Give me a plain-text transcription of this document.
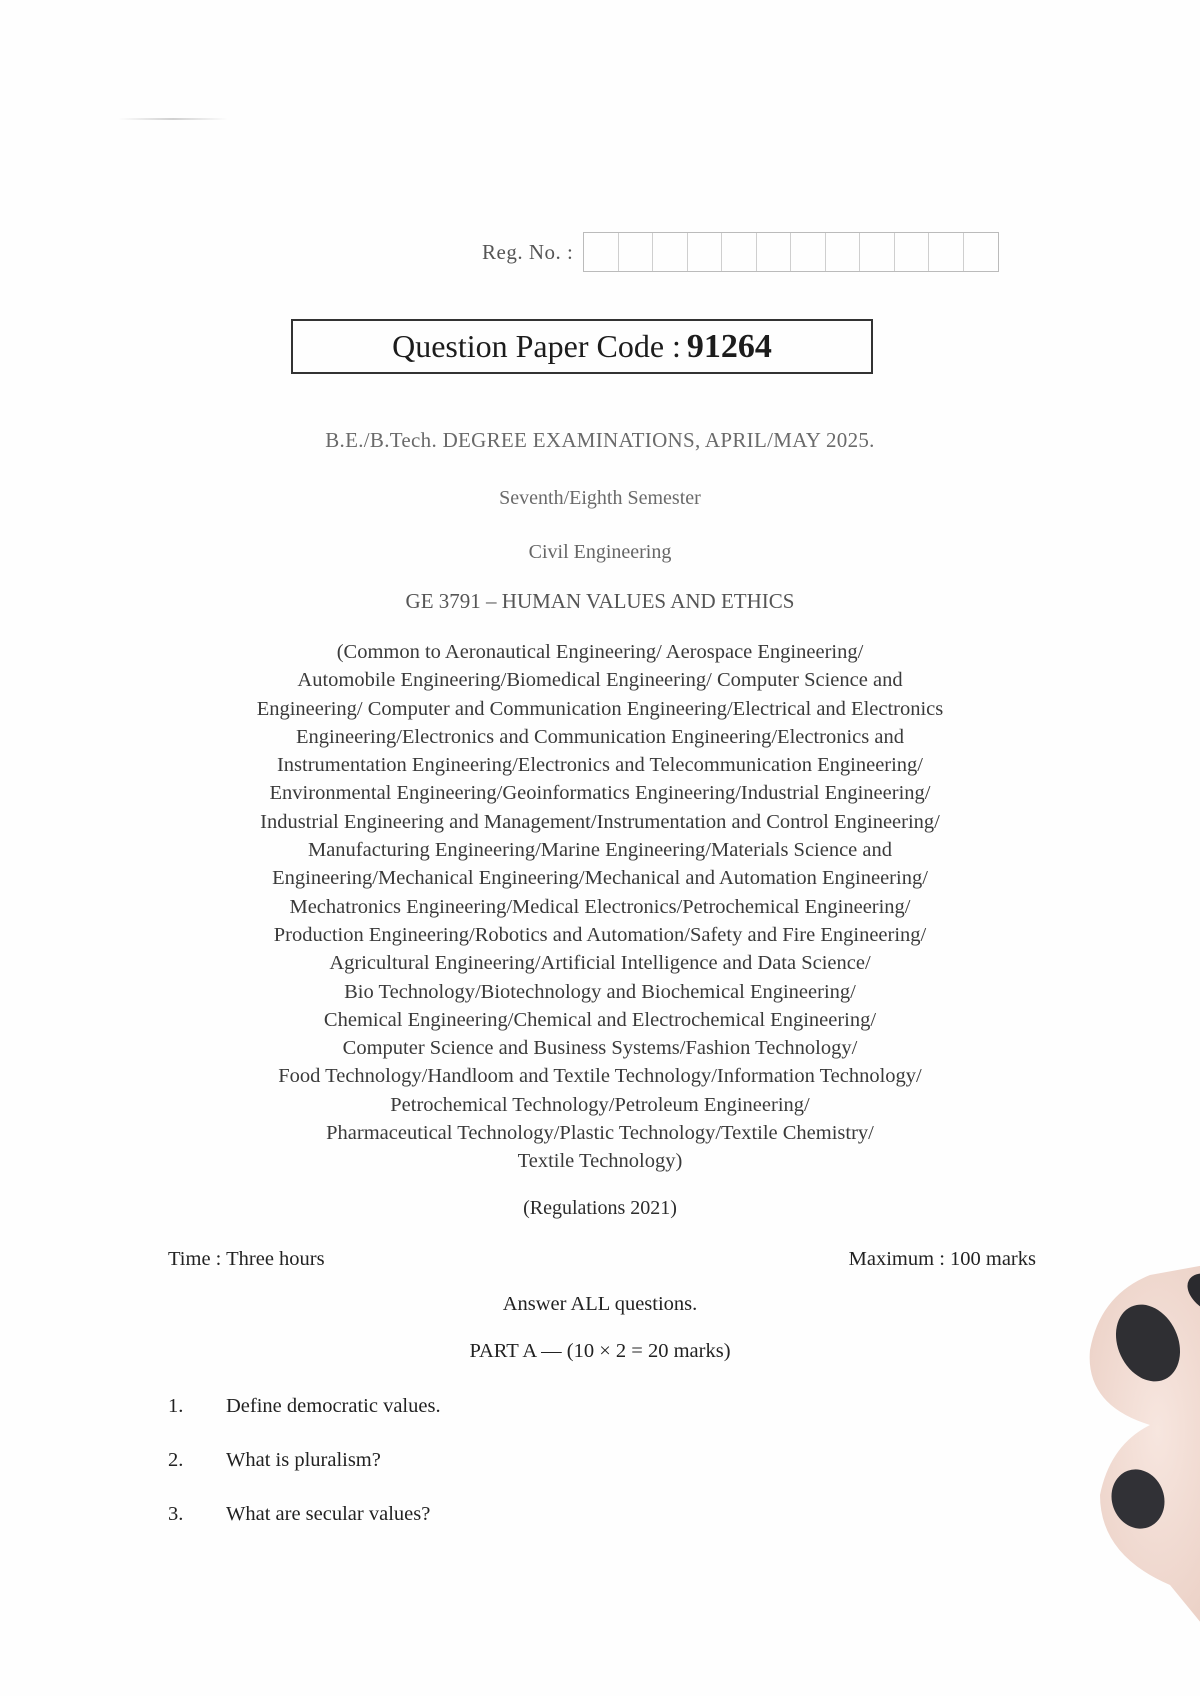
Reg. No. :
Question Paper Code : 91264
B.E./B.Tech. DEGREE EXAMINATIONS, APRIL/MAY 2025.
Seventh/Eighth Semester
Civil Engineering
GE 3791 – HUMAN VALUES AND ETHICS
(Common to Aeronautical Engineering/ Aerospace Engineering/
Automobile Engineering/Biomedical Engineering/ Computer Science and
Engineering/ Computer and Communication Engineering/Electrical and Electronics
Engineering/Electronics and Communication Engineering/Electronics and
Instrumentation Engineering/Electronics and Telecommunication Engineering/
Environmental Engineering/Geoinformatics Engineering/Industrial Engineering/
Industrial Engineering and Management/Instrumentation and Control Engineering/
Manufacturing Engineering/Marine Engineering/Materials Science and
Engineering/Mechanical Engineering/Mechanical and Automation Engineering/
Mechatronics Engineering/Medical Electronics/Petrochemical Engineering/
Production Engineering/Robotics and Automation/Safety and Fire Engineering/
Agricultural Engineering/Artificial Intelligence and Data Science/
Bio Technology/Biotechnology and Biochemical Engineering/
Chemical Engineering/Chemical and Electrochemical Engineering/
Computer Science and Business Systems/Fashion Technology/
Food Technology/Handloom and Textile Technology/Information Technology/
Petrochemical Technology/Petroleum Engineering/
Pharmaceutical Technology/Plastic Technology/Textile Chemistry/
Textile Technology)
(Regulations 2021)
Time : Three hours	Maximum : 100 marks
Answer ALL questions.
PART A — (10 × 2 = 20 marks)
1.	Define democratic values.
2.	What is pluralism?
3.	What are secular values?
